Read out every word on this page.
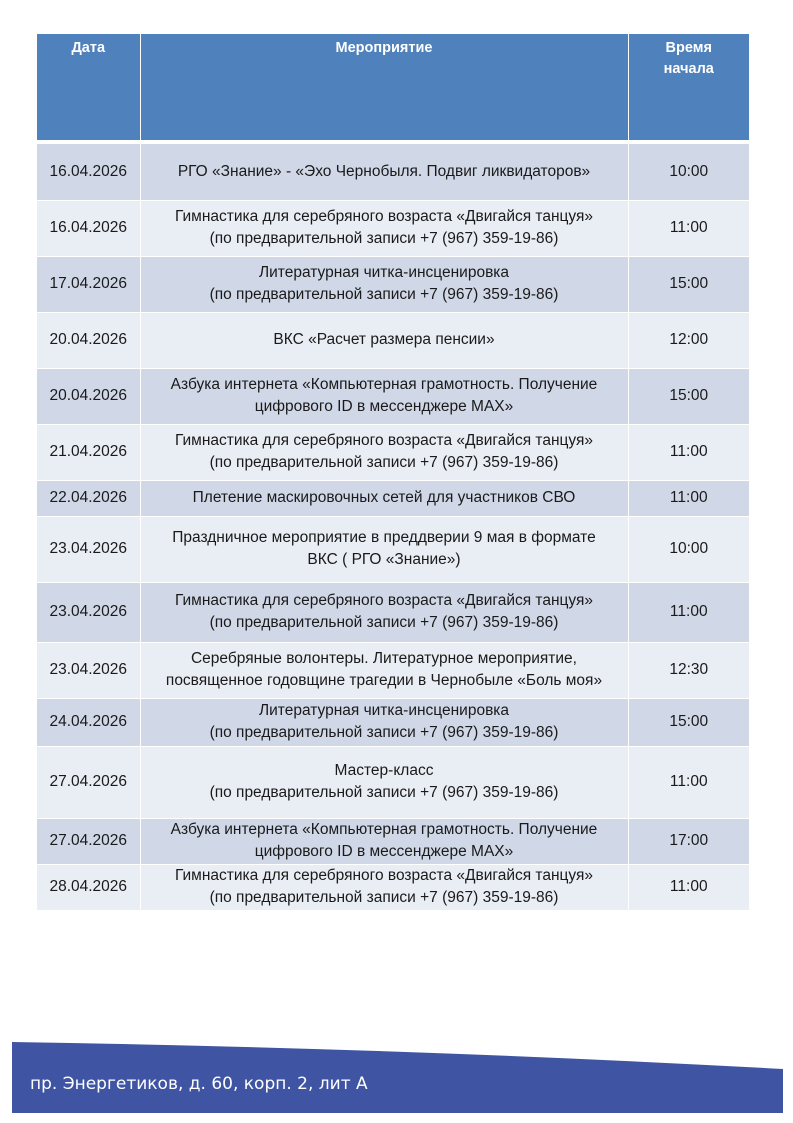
Дата	Мероприятие	Время
начала

16.04.2026	РГО «Знание» - «Эхо Чернобыля. Подвиг ликвидаторов»	10:00
16.04.2026	Гимнастика для серебряного возраста «Двигайся танцуя»
(по предварительной записи +7 (967) 359-19-86)	11:00
17.04.2026	Литературная читка-инсценировка
(по предварительной записи +7 (967) 359-19-86)	15:00
20.04.2026	ВКС «Расчет размера пенсии»	12:00
20.04.2026	Азбука интернета «Компьютерная грамотность. Получение
цифрового ID в мессенджере MAX»	15:00
21.04.2026	Гимнастика для серебряного возраста «Двигайся танцуя»
(по предварительной записи +7 (967) 359-19-86)	11:00
22.04.2026	Плетение маскировочных сетей для участников СВО	11:00
23.04.2026	Праздничное мероприятие в преддверии 9 мая в формате
ВКС ( РГО «Знание»)	10:00
23.04.2026	Гимнастика для серебряного возраста «Двигайся танцуя»
(по предварительной записи +7 (967) 359-19-86)	11:00
23.04.2026	Серебряные волонтеры. Литературное мероприятие,
посвященное годовщине трагедии в Чернобыле «Боль моя»	12:30
24.04.2026	Литературная читка-инсценировка
(по предварительной записи +7 (967) 359-19-86)	15:00
27.04.2026	Мастер-класс
(по предварительной записи +7 (967) 359-19-86)	11:00
27.04.2026	Азбука интернета «Компьютерная грамотность. Получение
цифрового ID в мессенджере MAX»	17:00
28.04.2026	Гимнастика для серебряного возраста «Двигайся танцуя»
(по предварительной записи +7 (967) 359-19-86)	11:00
пр. Энергетиков, д. 60, корп. 2, лит А
